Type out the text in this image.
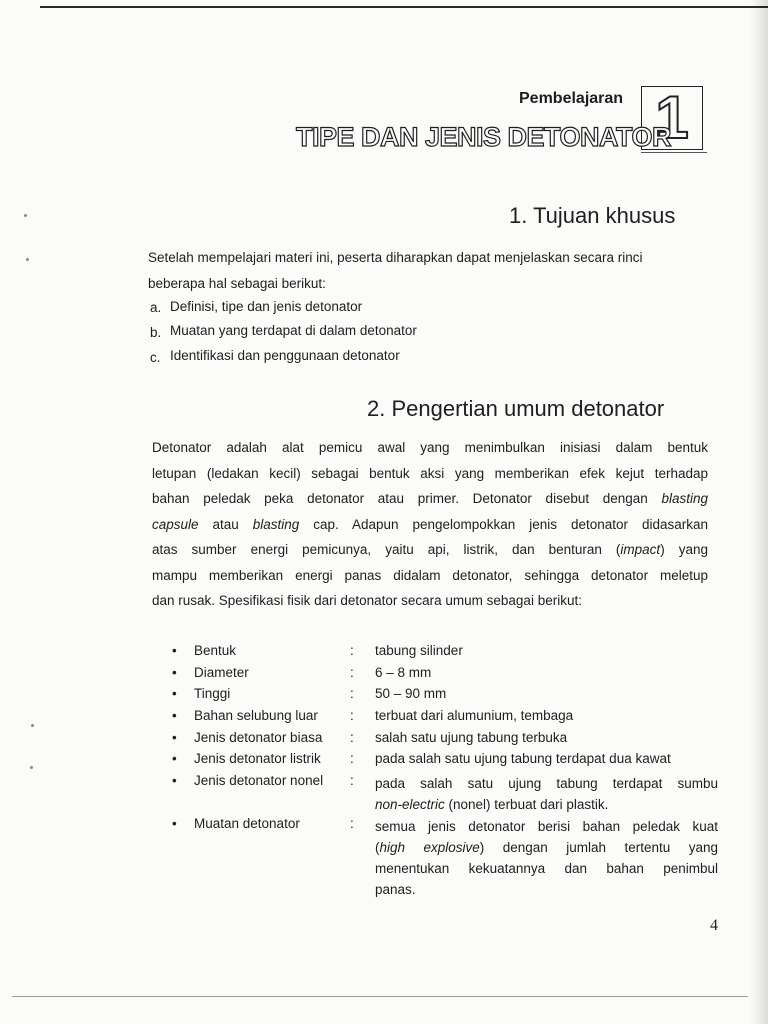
Pembelajaran 1
TIPE DAN JENIS DETONATOR
1. Tujuan khusus
Setelah mempelajari materi ini, peserta diharapkan dapat menjelaskan secara rinci
beberapa hal sebagai berikut:
a. Definisi, tipe dan jenis detonator
b. Muatan yang terdapat di dalam detonator
c. Identifikasi dan penggunaan detonator
2. Pengertian umum detonator
Detonator adalah alat pemicu awal yang menimbulkan inisiasi dalam bentuk
letupan (ledakan kecil) sebagai bentuk aksi yang memberikan efek kejut terhadap
bahan peledak peka detonator atau primer. Detonator disebut dengan blasting
capsule atau blasting cap. Adapun pengelompokkan jenis detonator didasarkan
atas sumber energi pemicunya, yaitu api, listrik, dan benturan (impact) yang
mampu memberikan energi panas didalam detonator, sehingga detonator meletup
dan rusak. Spesifikasi fisik dari detonator secara umum sebagai berikut:
• Bentuk	: tabung silinder
• Diameter	: 6 – 8 mm
• Tinggi	: 50 – 90 mm
• Bahan selubung luar : terbuat dari alumunium, tembaga
• Jenis detonator biasa : salah satu ujung tabung terbuka
• Jenis detonator listrik : pada salah satu ujung tabung terdapat dua kawat
• Jenis detonator nonel : pada salah satu ujung tabung terdapat sumbu
non-electric (nonel) terbuat dari plastik.
• Muatan detonator	: semua jenis detonator berisi bahan peledak kuat
(high explosive) dengan jumlah tertentu yang
menentukan kekuatannya dan bahan penimbul
panas.
4
